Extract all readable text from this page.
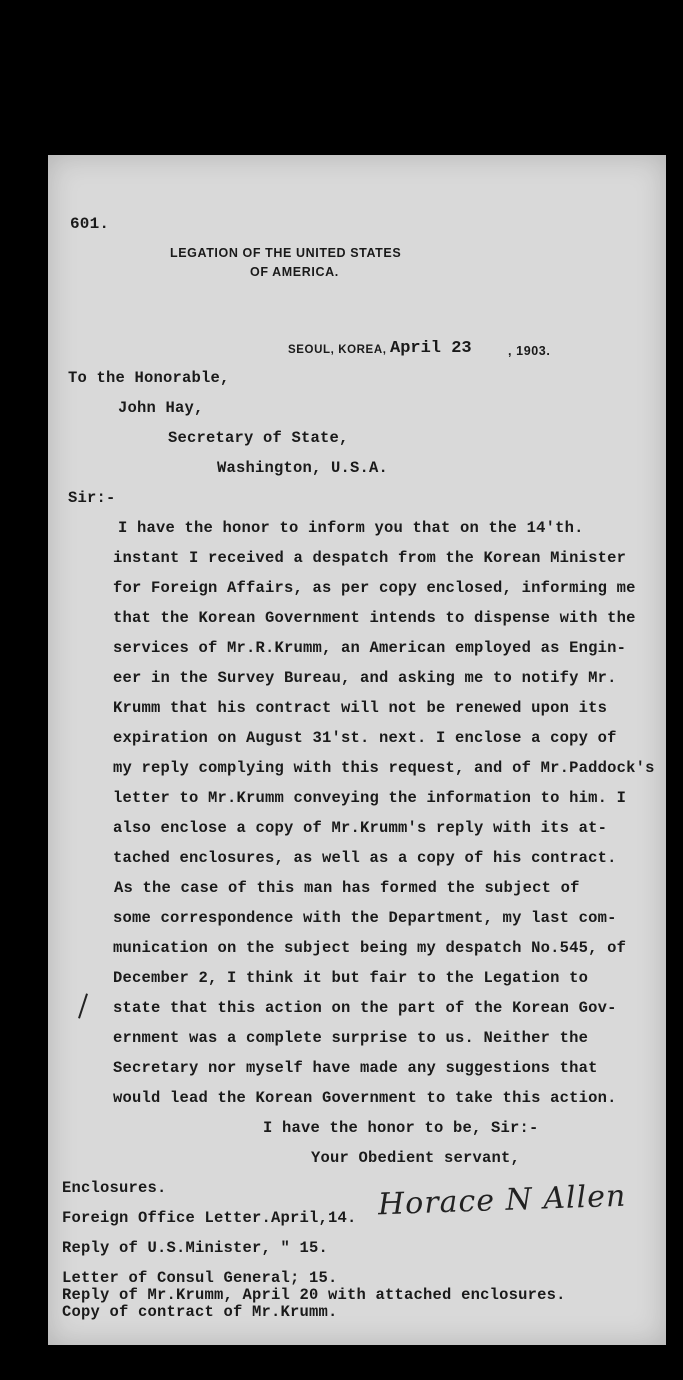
601.
LEGATION OF THE UNITED STATES
OF AMERICA.
SEOUL, KOREA, April 23	, 1903.
To the Honorable,
John Hay,
Secretary of State,
Washington, U.S.A.
Sir:-
I have the honor to inform you that on the 14'th.
instant I received a despatch from the Korean Minister
for Foreign Affairs, as per copy enclosed, informing me
that the Korean Government intends to dispense with the
services of Mr.R.Krumm, an American employed as Engin-
eer in the Survey Bureau, and asking me to notify Mr.
Krumm that his contract will not be renewed upon its
expiration on August 31'st. next. I enclose a copy of
my reply complying with this request, and of Mr.Paddock's
letter to Mr.Krumm conveying the information to him. I
also enclose a copy of Mr.Krumm's reply with its at-
tached enclosures, as well as a copy of his contract.
As the case of this man has formed the subject of
some correspondence with the Department, my last com-
munication on the subject being my despatch No.545, of
December 2, I think it but fair to the Legation to
state that this action on the part of the Korean Gov-
ernment was a complete surprise to us. Neither the
Secretary nor myself have made any suggestions that
would lead the Korean Government to take this action.
I have the honor to be, Sir:-
Your Obedient servant,
Horace N Allen
Enclosures.
Foreign Office Letter.April,14.
Reply of U.S.Minister, " 15.
Letter of Consul General; 15.
Reply of Mr.Krumm, April 20 with attached enclosures.
Copy of contract of Mr.Krumm.
